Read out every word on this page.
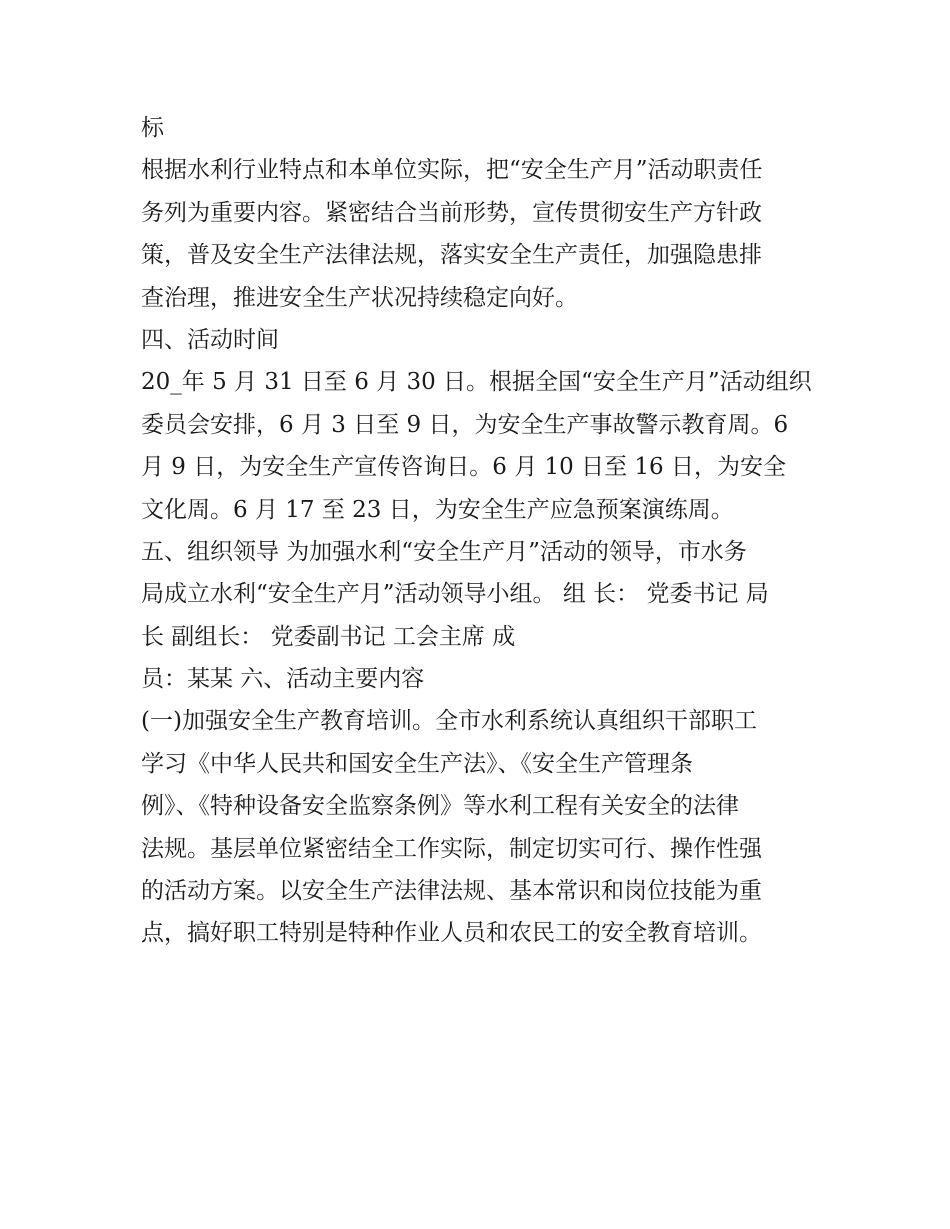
标
根据水利行业特点和本单位实际，把“安全生产月”活动职责任
务列为重要内容。紧密结合当前形势，宣传贯彻安生产方针政
策，普及安全生产法律法规，落实安全生产责任，加强隐患排
查治理，推进安全生产状况持续稳定向好。
四、活动时间
20_年 5 月 31 日至 6 月 30 日。根据全国“安全生产月”活动组织
委员会安排，6 月 3 日至 9 日，为安全生产事故警示教育周。6
月 9 日，为安全生产宣传咨询日。6 月 10 日至 16 日，为安全
文化周。6 月 17 至 23 日，为安全生产应急预案演练周。
五、组织领导 为加强水利“安全生产月”活动的领导，市水务
局成立水利“安全生产月”活动领导小组。 组 长： 党委书记 局
长 副组长： 党委副书记 工会主席 成
员：某某 六、活动主要内容
(一)加强安全生产教育培训。全市水利系统认真组织干部职工
学习《中华人民共和国安全生产法》、《安全生产管理条
例》、《特种设备安全监察条例》等水利工程有关安全的法律
法规。基层单位紧密结全工作实际，制定切实可行、操作性强
的活动方案。以安全生产法律法规、基本常识和岗位技能为重
点，搞好职工特别是特种作业人员和农民工的安全教育培训。
